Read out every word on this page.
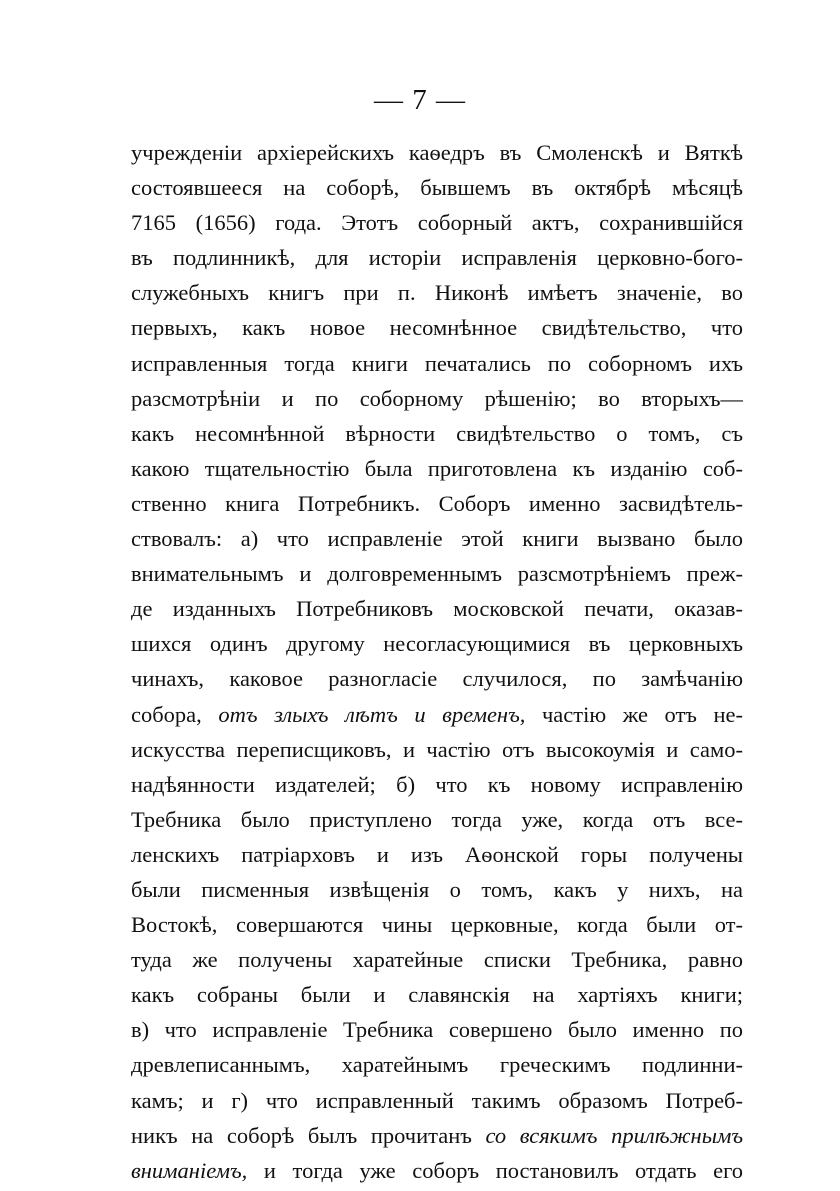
— 7 —
учрежденіи архіерейскихъ каѳедръ въ Смоленскѣ и Вяткѣ
состоявшееся на соборѣ, бывшемъ въ октябрѣ мѣсяцѣ
7165 (1656) года. Этотъ соборный актъ, сохранившійся
въ подлинникѣ, для исторіи исправленія церковно-бого-
служебныхъ книгъ при п. Никонѣ имѣетъ значеніе, во
первыхъ, какъ новое несомнѣнное свидѣтельство, что
исправленныя тогда книги печатались по соборномъ ихъ
разсмотрѣніи и по соборному рѣшенію; во вторыхъ—
какъ несомнѣнной вѣрности свидѣтельство о томъ, съ
какою тщательностію была приготовлена къ изданію соб-
ственно книга Потребникъ. Соборъ именно засвидѣтель-
ствовалъ: а) что исправленіе этой книги вызвано было
внимательнымъ и долговременнымъ разсмотрѣніемъ преж-
де изданныхъ Потребниковъ московской печати, оказав-
шихся одинъ другому несогласующимися въ церковныхъ
чинахъ, каковое разногласіе случилося, по замѣчанію
собора, отъ злыхъ лѣтъ и временъ, частію же отъ не-
искусства переписщиковъ, и частію отъ высокоумія и само-
надѣянности издателей; б) что къ новому исправленію
Требника было приступлено тогда уже, когда отъ все-
ленскихъ патріарховъ и изъ Аѳонской горы получены
были писменныя извѣщенія о томъ, какъ у нихъ, на
Востокѣ, совершаются чины церковные, когда были от-
туда же получены харатейные списки Требника, равно
какъ собраны были и славянскія на хартіяхъ книги;
в) что исправленіе Требника совершено было именно по
древлеписаннымъ, харатейнымъ греческимъ подлинни-
камъ; и г) что исправленный такимъ образомъ Потреб-
никъ на соборѣ былъ прочитанъ со всякимъ прилѣжнымъ
вниманіемъ, и тогда уже соборъ постановилъ отдать его
